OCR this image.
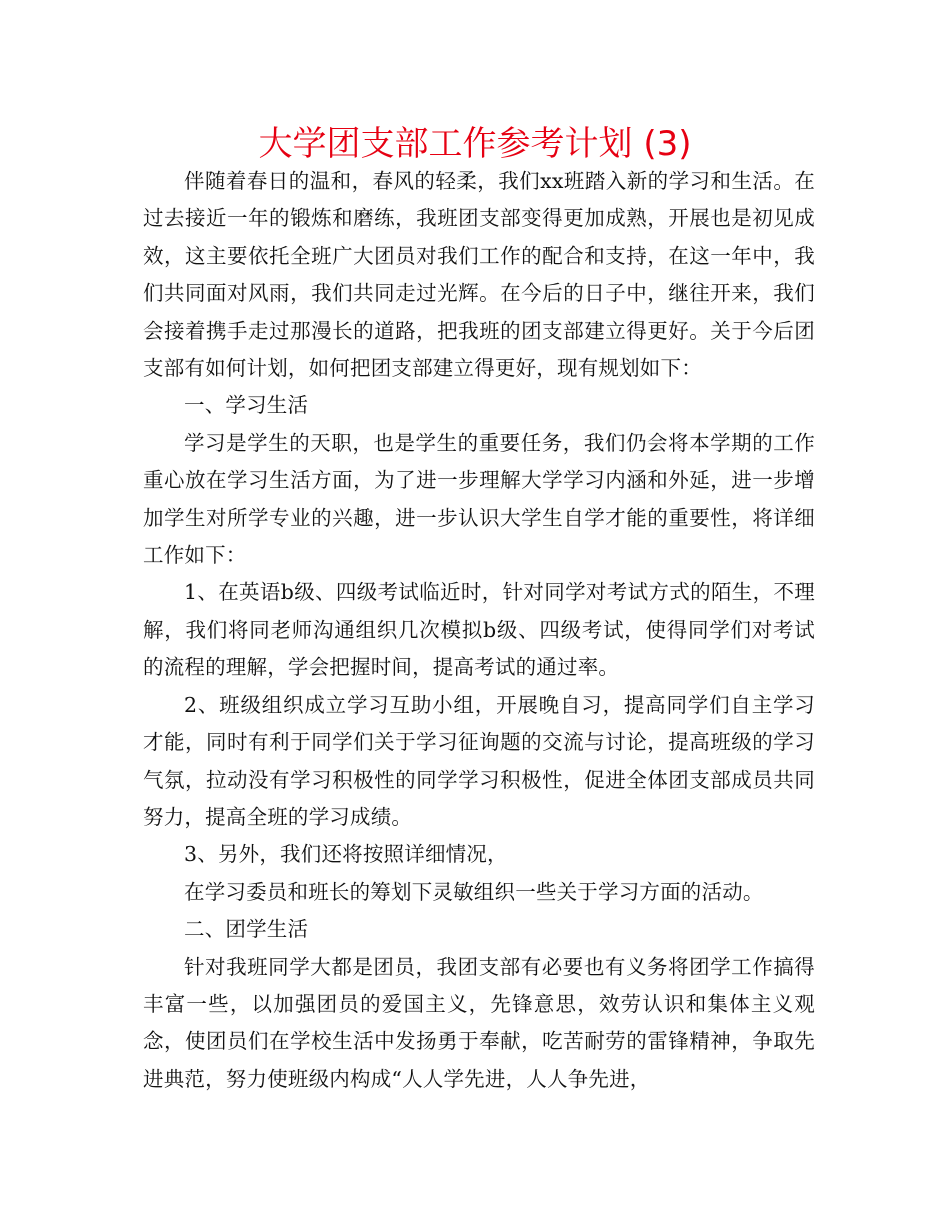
大学团支部工作参考计划 (3)

伴随着春日的温和，春风的轻柔，我们xx班踏入新的学习和生活。在过去接近一年的锻炼和磨练，我班团支部变得更加成熟，开展也是初见成效，这主要依托全班广大团员对我们工作的配合和支持，在这一年中，我们共同面对风雨，我们共同走过光辉。在今后的日子中，继往开来，我们会接着携手走过那漫长的道路，把我班的团支部建立得更好。关于今后团支部有如何计划，如何把团支部建立得更好，现有规划如下：

一、学习生活

学习是学生的天职，也是学生的重要任务，我们仍会将本学期的工作重心放在学习生活方面，为了进一步理解大学学习内涵和外延，进一步增加学生对所学专业的兴趣，进一步认识大学生自学才能的重要性，将详细工作如下：

1、在英语b级、四级考试临近时，针对同学对考试方式的陌生，不理解，我们将同老师沟通组织几次模拟b级、四级考试，使得同学们对考试的流程的理解，学会把握时间，提高考试的通过率。

2、班级组织成立学习互助小组，开展晚自习，提高同学们自主学习才能，同时有利于同学们关于学习征询题的交流与讨论，提高班级的学习气氛，拉动没有学习积极性的同学学习积极性，促进全体团支部成员共同努力，提高全班的学习成绩。

3、另外，我们还将按照详细情况，

在学习委员和班长的筹划下灵敏组织一些关于学习方面的活动。

二、团学生活

针对我班同学大都是团员，我团支部有必要也有义务将团学工作搞得丰富一些，以加强团员的爱国主义，先锋意思，效劳认识和集体主义观念，使团员们在学校生活中发扬勇于奉献，吃苦耐劳的雷锋精神，争取先进典范，努力使班级内构成“人人学先进，人人争先进，
